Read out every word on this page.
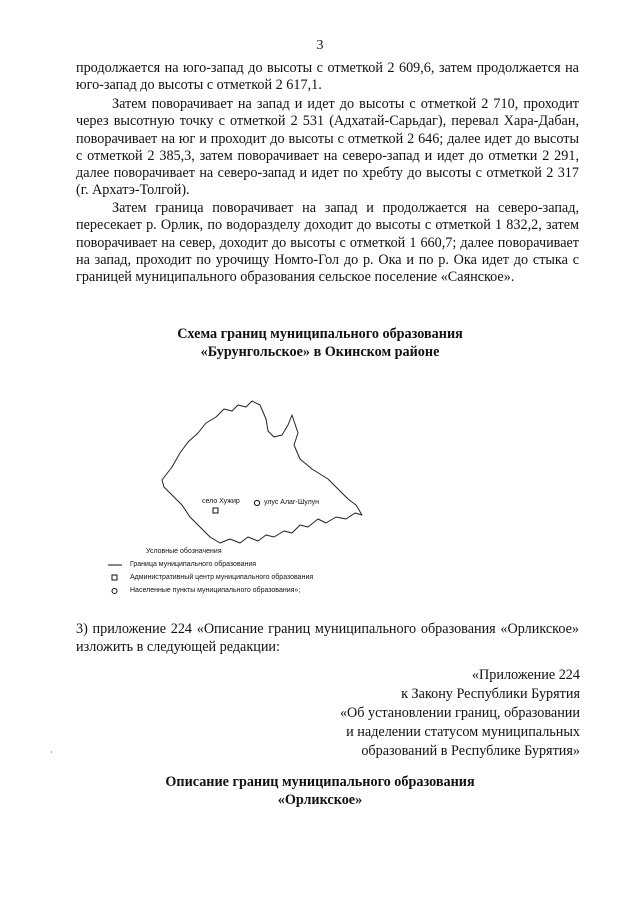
3

продолжается на юго-запад до высоты с отметкой 2 609,6, затем продолжается на юго-запад до высоты с отметкой 2 617,1.

Затем поворачивает на запад и идет до высоты с отметкой 2 710, проходит через высотную точку с отметкой 2 531 (Адхатай-Сарьдаг), перевал Хара-Дабан, поворачивает на юг и проходит до высоты с отметкой 2 646; далее идет до высоты с отметкой 2 385,3, затем поворачивает на северо-запад и идет до отметки 2 291, далее поворачивает на северо-запад и идет по хребту до высоты с отметкой 2 317 (г. Архатэ-Толгой).

Затем граница поворачивает на запад и продолжается на северо-запад, пересекает р. Орлик, по водоразделу доходит до высоты с отметкой 1 832,2, затем поворачивает на север, доходит до высоты с отметкой 1 660,7; далее поворачивает на запад, проходит по урочищу Номто-Гол до р. Ока и по р. Ока идет до стыка с границей муниципального образования сельское поселение «Саянское».

Схема границ муниципального образования
«Бурунгольское» в Окинском районе
село Хужир	улус Алаг-Шулун
Условные обозначения
Граница муниципального образования
Административный центр муниципального образования
Населенные пункты муниципального образования»;
3) приложение 224 «Описание границ муниципального образования «Орликское» изложить в следующей редакции:
«Приложение 224
к Закону Республики Бурятия
«Об установлении границ, образовании
и наделении статусом муниципальных
образований в Республике Бурятия»
·
Описание границ муниципального образования
«Орликское»
